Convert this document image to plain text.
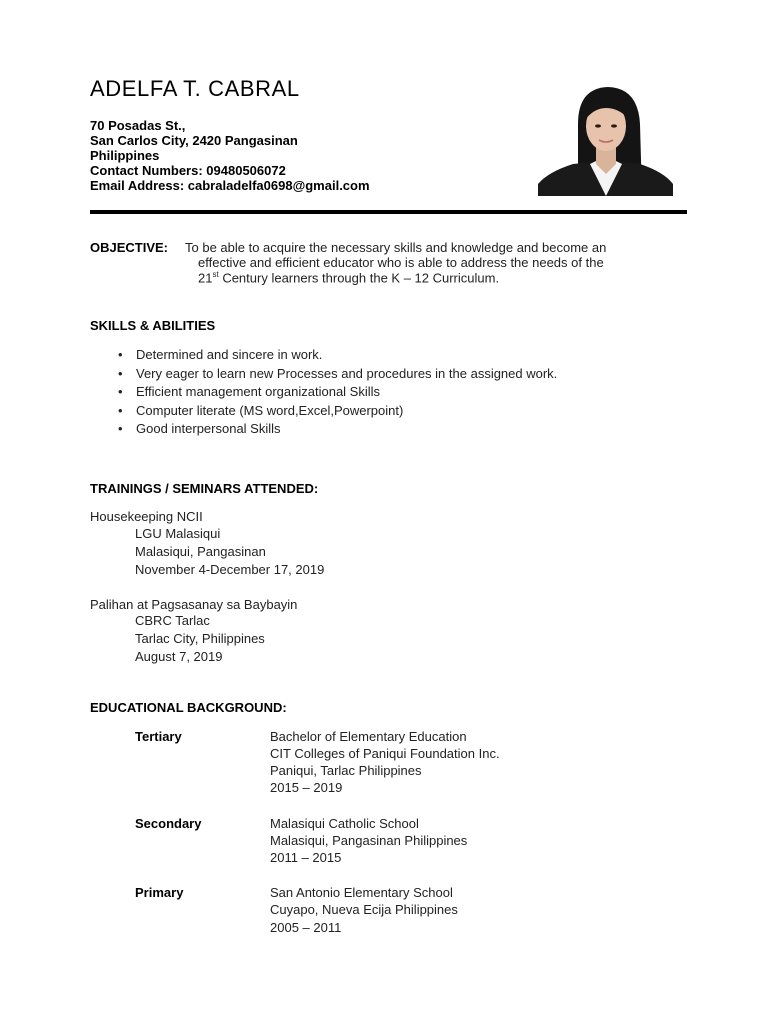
ADELFA T. CABRAL
70 Posadas St.,
San Carlos City, 2420 Pangasinan
Philippines
Contact Numbers: 09480506072
Email Address: cabraladelfa0698@gmail.com
OBJECTIVE: To be able to acquire the necessary skills and knowledge and become an
effective and efficient educator who is able to address the needs of the
21st Century learners through the K – 12 Curriculum.
SKILLS & ABILITIES
• Determined and sincere in work.
• Very eager to learn new Processes and procedures in the assigned work.
• Efficient management organizational Skills
• Computer literate (MS word,Excel,Powerpoint)
• Good interpersonal Skills
TRAININGS / SEMINARS ATTENDED:
Housekeeping NCII
LGU Malasiqui
Malasiqui, Pangasinan
November 4-December 17, 2019
Palihan at Pagsasanay sa Baybayin
CBRC Tarlac
Tarlac City, Philippines
August 7, 2019
EDUCATIONAL BACKGROUND:
Tertiary	Bachelor of Elementary Education
CIT Colleges of Paniqui Foundation Inc.
Paniqui, Tarlac Philippines
2015 – 2019
Secondary	Malasiqui Catholic School
Malasiqui, Pangasinan Philippines
2011 – 2015
Primary	San Antonio Elementary School
Cuyapo, Nueva Ecija Philippines
2005 – 2011
